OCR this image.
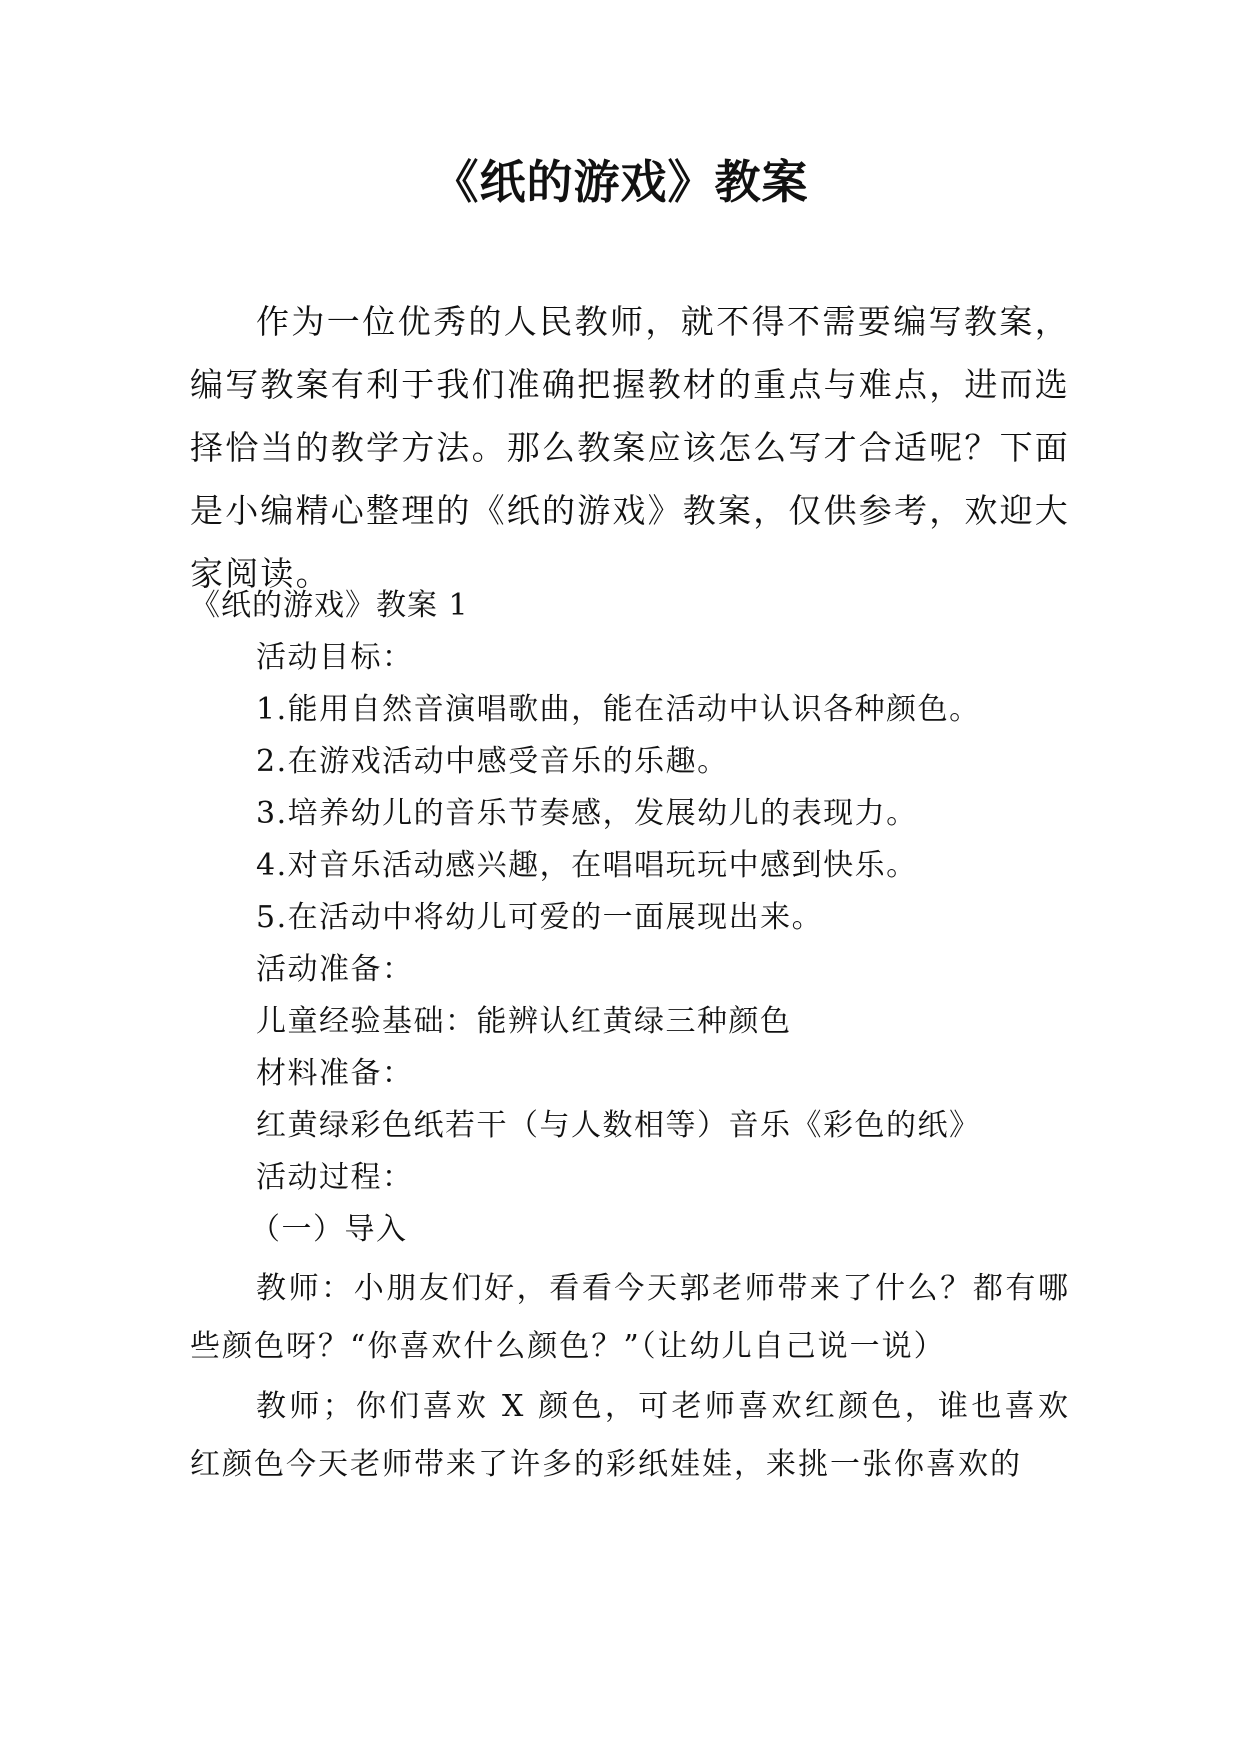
《纸的游戏》教案

作为一位优秀的人民教师，就不得不需要编写教案，编写教案有利于我们准确把握教材的重点与难点，进而选择恰当的教学方法。那么教案应该怎么写才合适呢？下面是小编精心整理的《纸的游戏》教案，仅供参考，欢迎大家阅读。

《纸的游戏》教案 1

活动目标：

1.能用自然音演唱歌曲，能在活动中认识各种颜色。

2.在游戏活动中感受音乐的乐趣。

3.培养幼儿的音乐节奏感，发展幼儿的表现力。

4.对音乐活动感兴趣，在唱唱玩玩中感到快乐。

5.在活动中将幼儿可爱的一面展现出来。

活动准备：

儿童经验基础：能辨认红黄绿三种颜色

材料准备：

红黄绿彩色纸若干（与人数相等）音乐《彩色的纸》

活动过程：

（一）导入

教师：小朋友们好，看看今天郭老师带来了什么？都有哪些颜色呀？“你喜欢什么颜色？”（让幼儿自己说一说）

教师；你们喜欢 X 颜色，可老师喜欢红颜色，谁也喜欢红颜色今天老师带来了许多的彩纸娃娃，来挑一张你喜欢的
